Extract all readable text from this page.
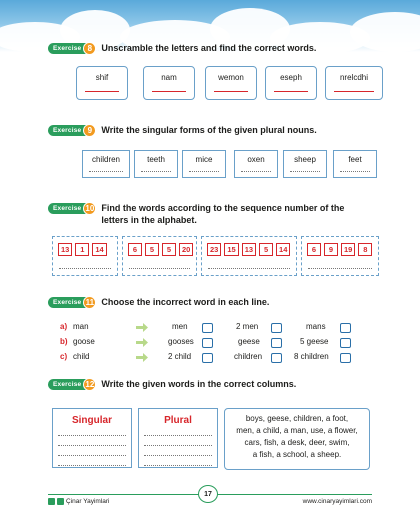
Exercise 8	Unscramble the letters and find the correct words.
shif	nam	wemon	eseph	nrelcdhi
Exercise 9	Write the singular forms of the given plural nouns.
children	teeth	mice	oxen	sheep	feet
Exercise 10 Find the words according to the sequence number of the
letters in the alphabet.
13	1	14	6	5	5	20	23	15	13	5	14	6	9	19	8
Exercise 11 Choose the incorrect word in each line.
a) man	men	2 men	mans
b) goose	gooses	geese	5 geese
c) child	2 child	children	8 children
Exercise 12 Write the given words in the correct columns.
Singular	Plural	boys, geese, children, a foot,
men, a child, a man, use, a flower,
cars, fish, a desk, deer, swim,
a fish, a school, a sheep.
Çinar Yayimlari
17
www.cinaryayimlari.com
